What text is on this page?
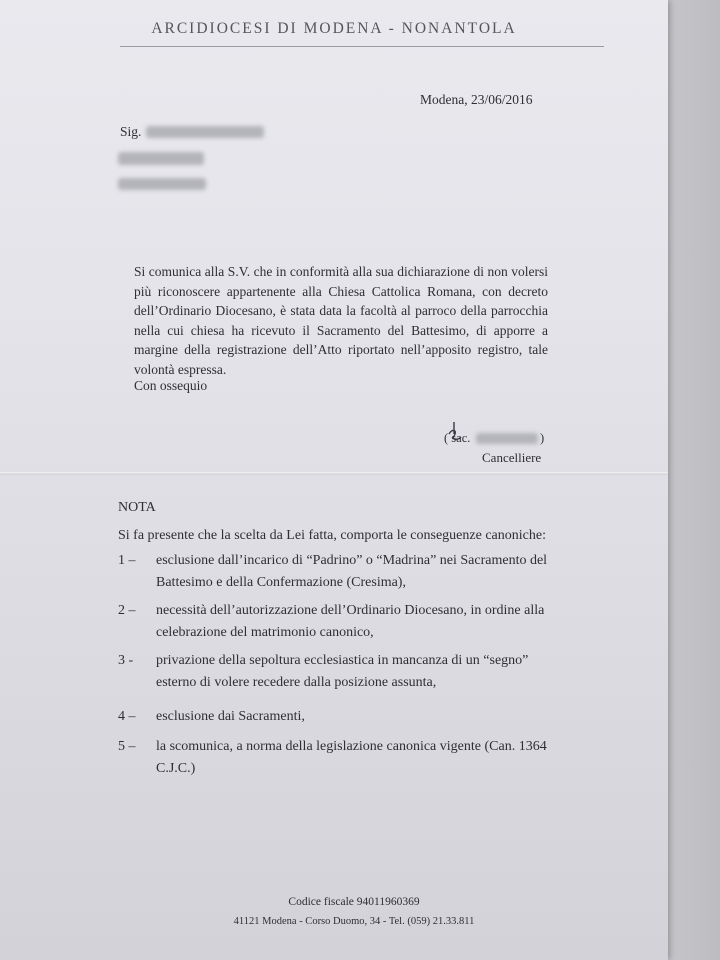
ARCIDIOCESI DI MODENA - NONANTOLA
Modena, 23/06/2016
Sig.
Si comunica alla S.V. che in conformità alla sua dichiarazione di non volersi più riconoscere appartenente alla Chiesa Cattolica Romana, con decreto dell’Ordinario Diocesano, è stata data la facoltà al parroco della parrocchia nella cui chiesa ha ricevuto il Sacramento del Battesimo, di apporre a margine della registrazione dell’Atto riportato nell’apposito registro, tale volontà espressa.
Con ossequio
( sac.	)
Cancelliere
NOTA
Si fa presente che la scelta da Lei fatta, comporta le conseguenze canoniche:
1 –	esclusione dall’incarico di “Padrino” o “Madrina” nei Sacramento del Battesimo e della Confermazione (Cresima),
2 –	necessità dell’autorizzazione dell’Ordinario Diocesano, in ordine alla celebrazione del matrimonio canonico,
3 -	privazione della sepoltura ecclesiastica in mancanza di un “segno” esterno di volere recedere dalla posizione assunta,
4 –	esclusione dai Sacramenti,
5 –	la scomunica, a norma della legislazione canonica vigente (Can. 1364 C.J.C.)
Codice fiscale 94011960369
41121 Modena - Corso Duomo, 34 - Tel. (059) 21.33.811
